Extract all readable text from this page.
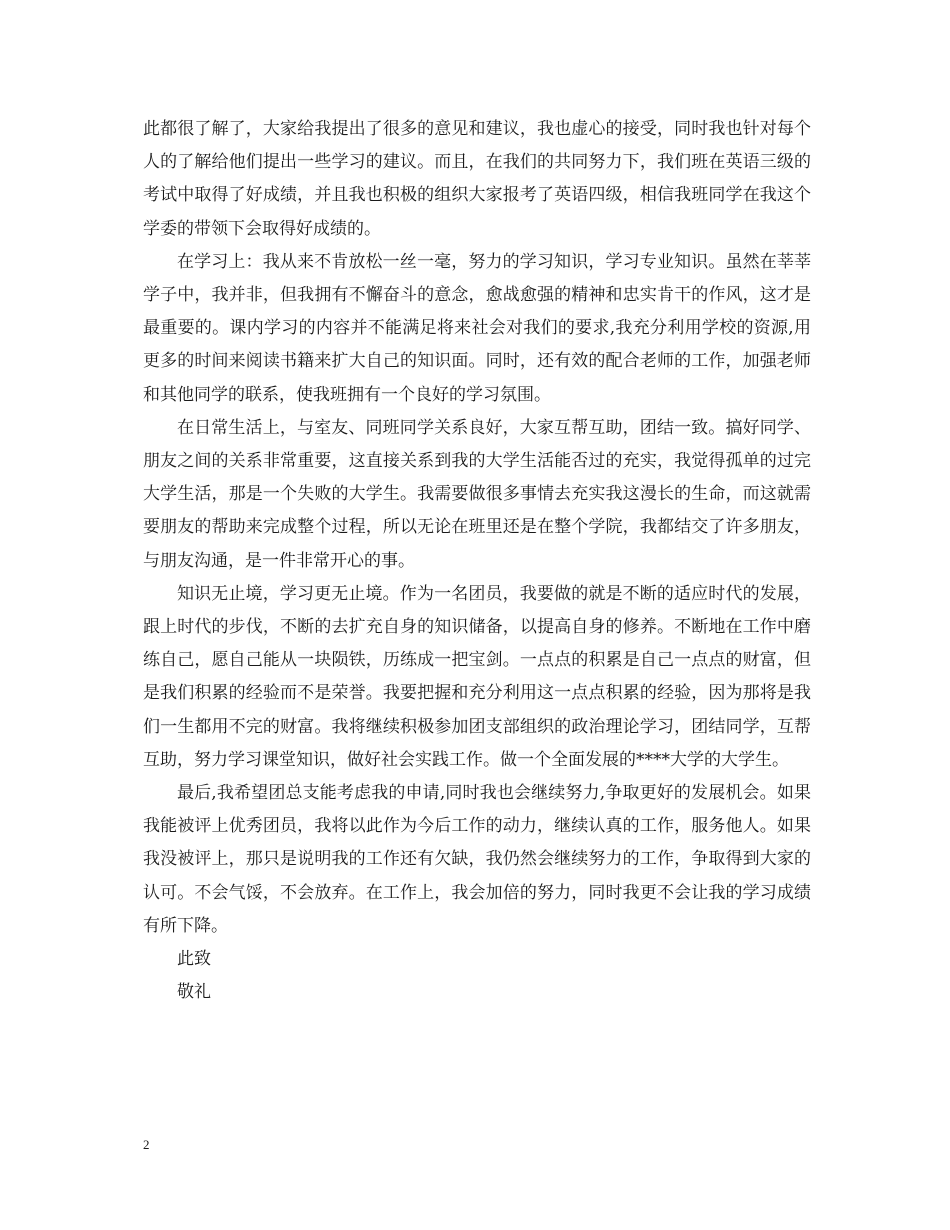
此都很了解了，大家给我提出了很多的意见和建议，我也虚心的接受，同时我也针对每个人的了解给他们提出一些学习的建议。而且，在我们的共同努力下，我们班在英语三级的考试中取得了好成绩，并且我也积极的组织大家报考了英语四级，相信我班同学在我这个学委的带领下会取得好成绩的。

在学习上：我从来不肯放松一丝一毫，努力的学习知识，学习专业知识。虽然在莘莘学子中，我并非，但我拥有不懈奋斗的意念，愈战愈强的精神和忠实肯干的作风，这才是最重要的。课内学习的内容并不能满足将来社会对我们的要求,我充分利用学校的资源,用更多的时间来阅读书籍来扩大自己的知识面。同时，还有效的配合老师的工作，加强老师和其他同学的联系，使我班拥有一个良好的学习氛围。

在日常生活上，与室友、同班同学关系良好，大家互帮互助，团结一致。搞好同学、朋友之间的关系非常重要，这直接关系到我的大学生活能否过的充实，我觉得孤单的过完大学生活，那是一个失败的大学生。我需要做很多事情去充实我这漫长的生命，而这就需要朋友的帮助来完成整个过程，所以无论在班里还是在整个学院，我都结交了许多朋友，与朋友沟通，是一件非常开心的事。

知识无止境，学习更无止境。作为一名团员，我要做的就是不断的适应时代的发展，跟上时代的步伐，不断的去扩充自身的知识储备，以提高自身的修养。不断地在工作中磨练自己，愿自己能从一块陨铁，历练成一把宝剑。一点点的积累是自己一点点的财富，但是我们积累的经验而不是荣誉。我要把握和充分利用这一点点积累的经验，因为那将是我们一生都用不完的财富。我将继续积极参加团支部组织的政治理论学习，团结同学，互帮互助，努力学习课堂知识，做好社会实践工作。做一个全面发展的****大学的大学生。

最后,我希望团总支能考虑我的申请,同时我也会继续努力,争取更好的发展机会。如果我能被评上优秀团员，我将以此作为今后工作的动力，继续认真的工作，服务他人。如果我没被评上，那只是说明我的工作还有欠缺，我仍然会继续努力的工作，争取得到大家的认可。不会气馁，不会放弃。在工作上，我会加倍的努力，同时我更不会让我的学习成绩有所下降。

此致

敬礼

2
